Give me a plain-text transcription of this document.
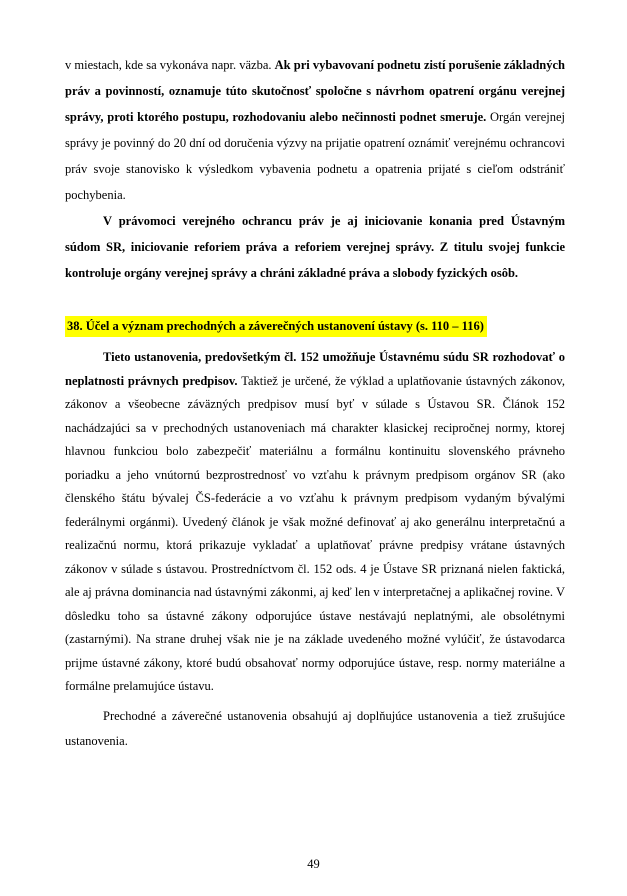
v miestach, kde sa vykonáva napr. väzba. Ak pri vybavovaní podnetu zistí porušenie základných práv a povinností, oznamuje túto skutočnosť spoločne s návrhom opatrení orgánu verejnej správy, proti ktorého postupu, rozhodovaniu alebo nečinnosti podnet smeruje. Orgán verejnej správy je povinný do 20 dní od doručenia výzvy na prijatie opatrení oznámiť verejnému ochrancovi práv svoje stanovisko k výsledkom vybavenia podnetu a opatrenia prijaté s cieľom odstrániť pochybenia.

V právomoci verejného ochrancu práv je aj iniciovanie konania pred Ústavným súdom SR, iniciovanie reforiem práva a reforiem verejnej správy. Z titulu svojej funkcie kontroluje orgány verejnej správy a chráni základné práva a slobody fyzických osôb.

38. Účel a význam prechodných a záverečných ustanovení ústavy (s. 110 – 116)

Tieto ustanovenia, predovšetkým čl. 152 umožňuje Ústavnému súdu SR rozhodovať o neplatnosti právnych predpisov. Taktiež je určené, že výklad a uplatňovanie ústavných zákonov, zákonov a všeobecne záväzných predpisov musí byť v súlade s Ústavou SR. Článok 152 nachádzajúci sa v prechodných ustanoveniach má charakter klasickej recipročnej normy, ktorej hlavnou funkciou bolo zabezpečiť materiálnu a formálnu kontinuitu slovenského právneho poriadku a jeho vnútornú bezprostrednosť vo vzťahu k právnym predpisom orgánov SR (ako členského štátu bývalej ČS-federácie a vo vzťahu k právnym predpisom vydaným bývalými federálnymi orgánmi). Uvedený článok je však možné definovať aj ako generálnu interpretačnú a realizačnú normu, ktorá prikazuje vykladať a uplatňovať právne predpisy vrátane ústavných zákonov v súlade s ústavou. Prostredníctvom čl. 152 ods. 4 je Ústave SR priznaná nielen faktická, ale aj právna dominancia nad ústavnými zákonmi, aj keď len v interpretačnej a aplikačnej rovine. V dôsledku toho sa ústavné zákony odporujúce ústave nestávajú neplatnými, ale obsolétnymi (zastarnými). Na strane druhej však nie je na základe uvedeného možné vylúčiť, že ústavodarca prijme ústavné zákony, ktoré budú obsahovať normy odporujúce ústave, resp. normy materiálne a formálne prelamujúce ústavu.

Prechodné a záverečné ustanovenia obsahujú aj doplňujúce ustanovenia a tiež zrušujúce ustanovenia.

49
